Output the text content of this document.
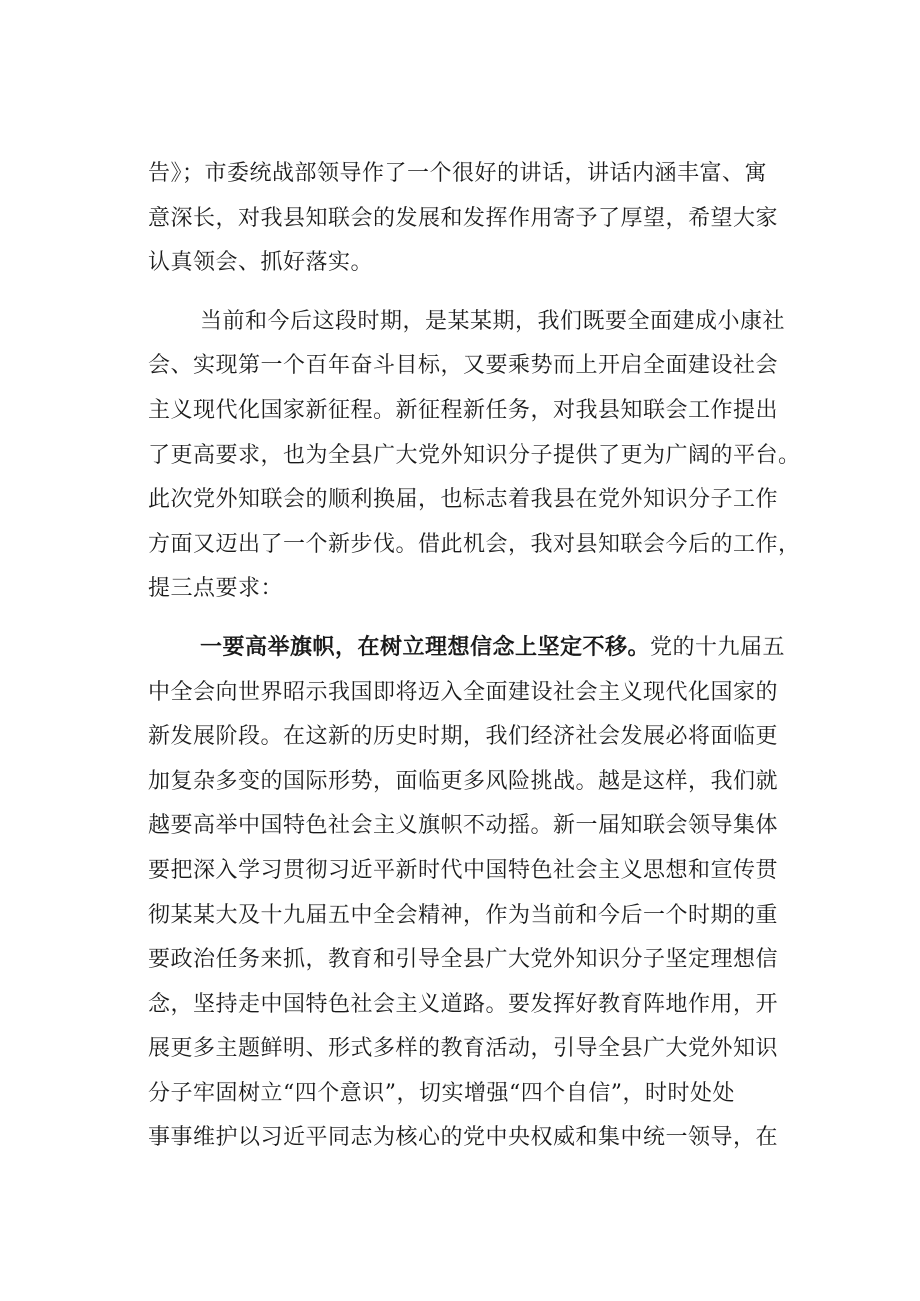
告》；市委统战部领导作了一个很好的讲话，讲话内涵丰富、寓
意深长，对我县知联会的发展和发挥作用寄予了厚望，希望大家
认真领会、抓好落实。
当前和今后这段时期，是某某期，我们既要全面建成小康社
会、实现第一个百年奋斗目标，又要乘势而上开启全面建设社会
主义现代化国家新征程。新征程新任务，对我县知联会工作提出
了更高要求，也为全县广大党外知识分子提供了更为广阔的平台。
此次党外知联会的顺利换届，也标志着我县在党外知识分子工作
方面又迈出了一个新步伐。借此机会，我对县知联会今后的工作，
提三点要求：
一要高举旗帜，在树立理想信念上坚定不移。党的十九届五
中全会向世界昭示我国即将迈入全面建设社会主义现代化国家的
新发展阶段。在这新的历史时期，我们经济社会发展必将面临更
加复杂多变的国际形势，面临更多风险挑战。越是这样，我们就
越要高举中国特色社会主义旗帜不动摇。新一届知联会领导集体
要把深入学习贯彻习近平新时代中国特色社会主义思想和宣传贯
彻某某大及十九届五中全会精神，作为当前和今后一个时期的重
要政治任务来抓，教育和引导全县广大党外知识分子坚定理想信
念，坚持走中国特色社会主义道路。要发挥好教育阵地作用，开
展更多主题鲜明、形式多样的教育活动，引导全县广大党外知识
分子牢固树立“四个意识”，切实增强“四个自信”，时时处处
事事维护以习近平同志为核心的党中央权威和集中统一领导，在
